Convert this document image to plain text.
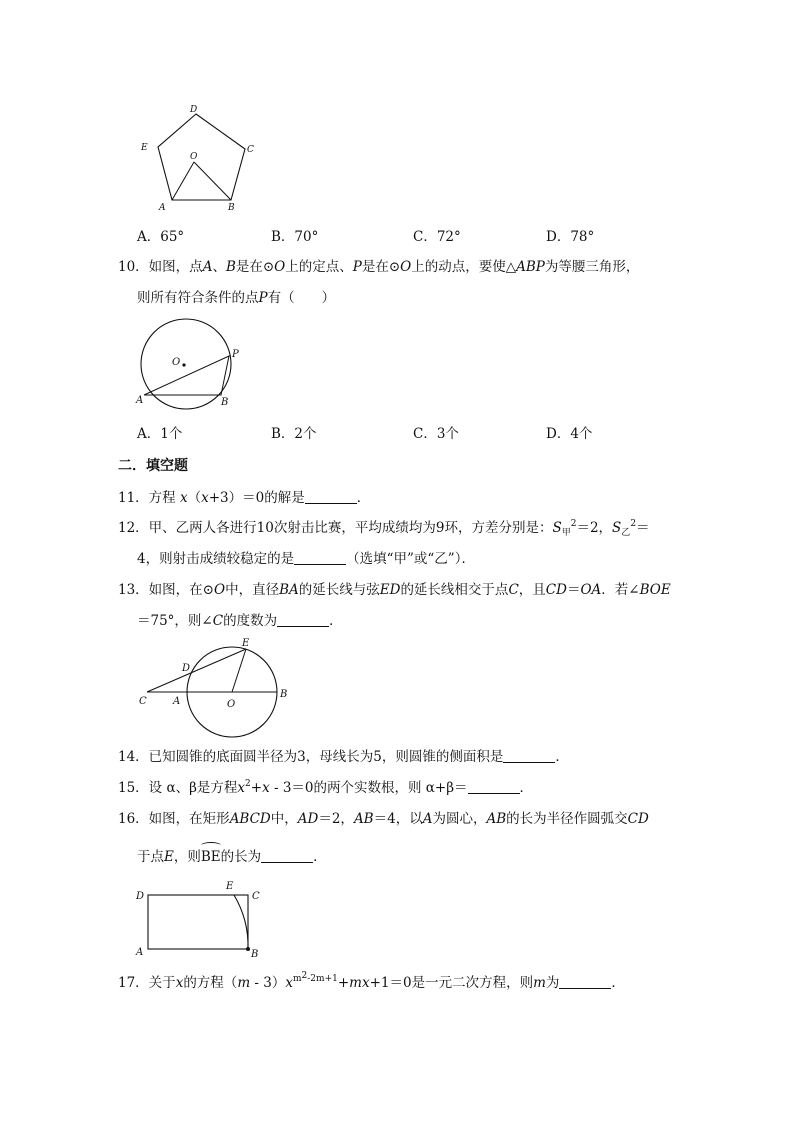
D
E	C
O
A	B
A．65°	B．70°	C．72°	D．78°
10．如图，点A、B是在⊙O上的定点、P是在⊙O上的动点，要使△ABP为等腰三角形，
则所有符合条件的点P有（　　）
O
P
A	B
A．1个	B．2个	C．3个	D．4个
二．填空题
11．方程 x（x+3）＝0的解是	．
12．甲、乙两人各进行10次射击比赛，平均成绩均为9环，方差分别是：$S_甲^2=2$，$S_乙^2=$
4，则射击成绩较稳定的是	（选填“甲”或“乙”）．
13．如图，在⊙O中，直径BA的延长线与弦ED的延长线相交于点C，且CD＝OA．若∠BOE
＝75°，则∠C的度数为	．
E
D
C	A	O
B
14．已知圆锥的底面圆半径为3，母线长为5，则圆锥的侧面积是	．
15．设 α、β是方程$x^2+x - 3=0$的两个实数根，则 α+β＝	．
16．如图，在矩形ABCD中，AD＝2，AB＝4，以A为圆心，AB的长为半径作圆弧交CD
于点E，则BE的长为	．
D
E
C
A	B
17．关于x的方程$(m - 3)x^{m^2-2m+1}+mx+1=0$是一元二次方程，则m为	．
